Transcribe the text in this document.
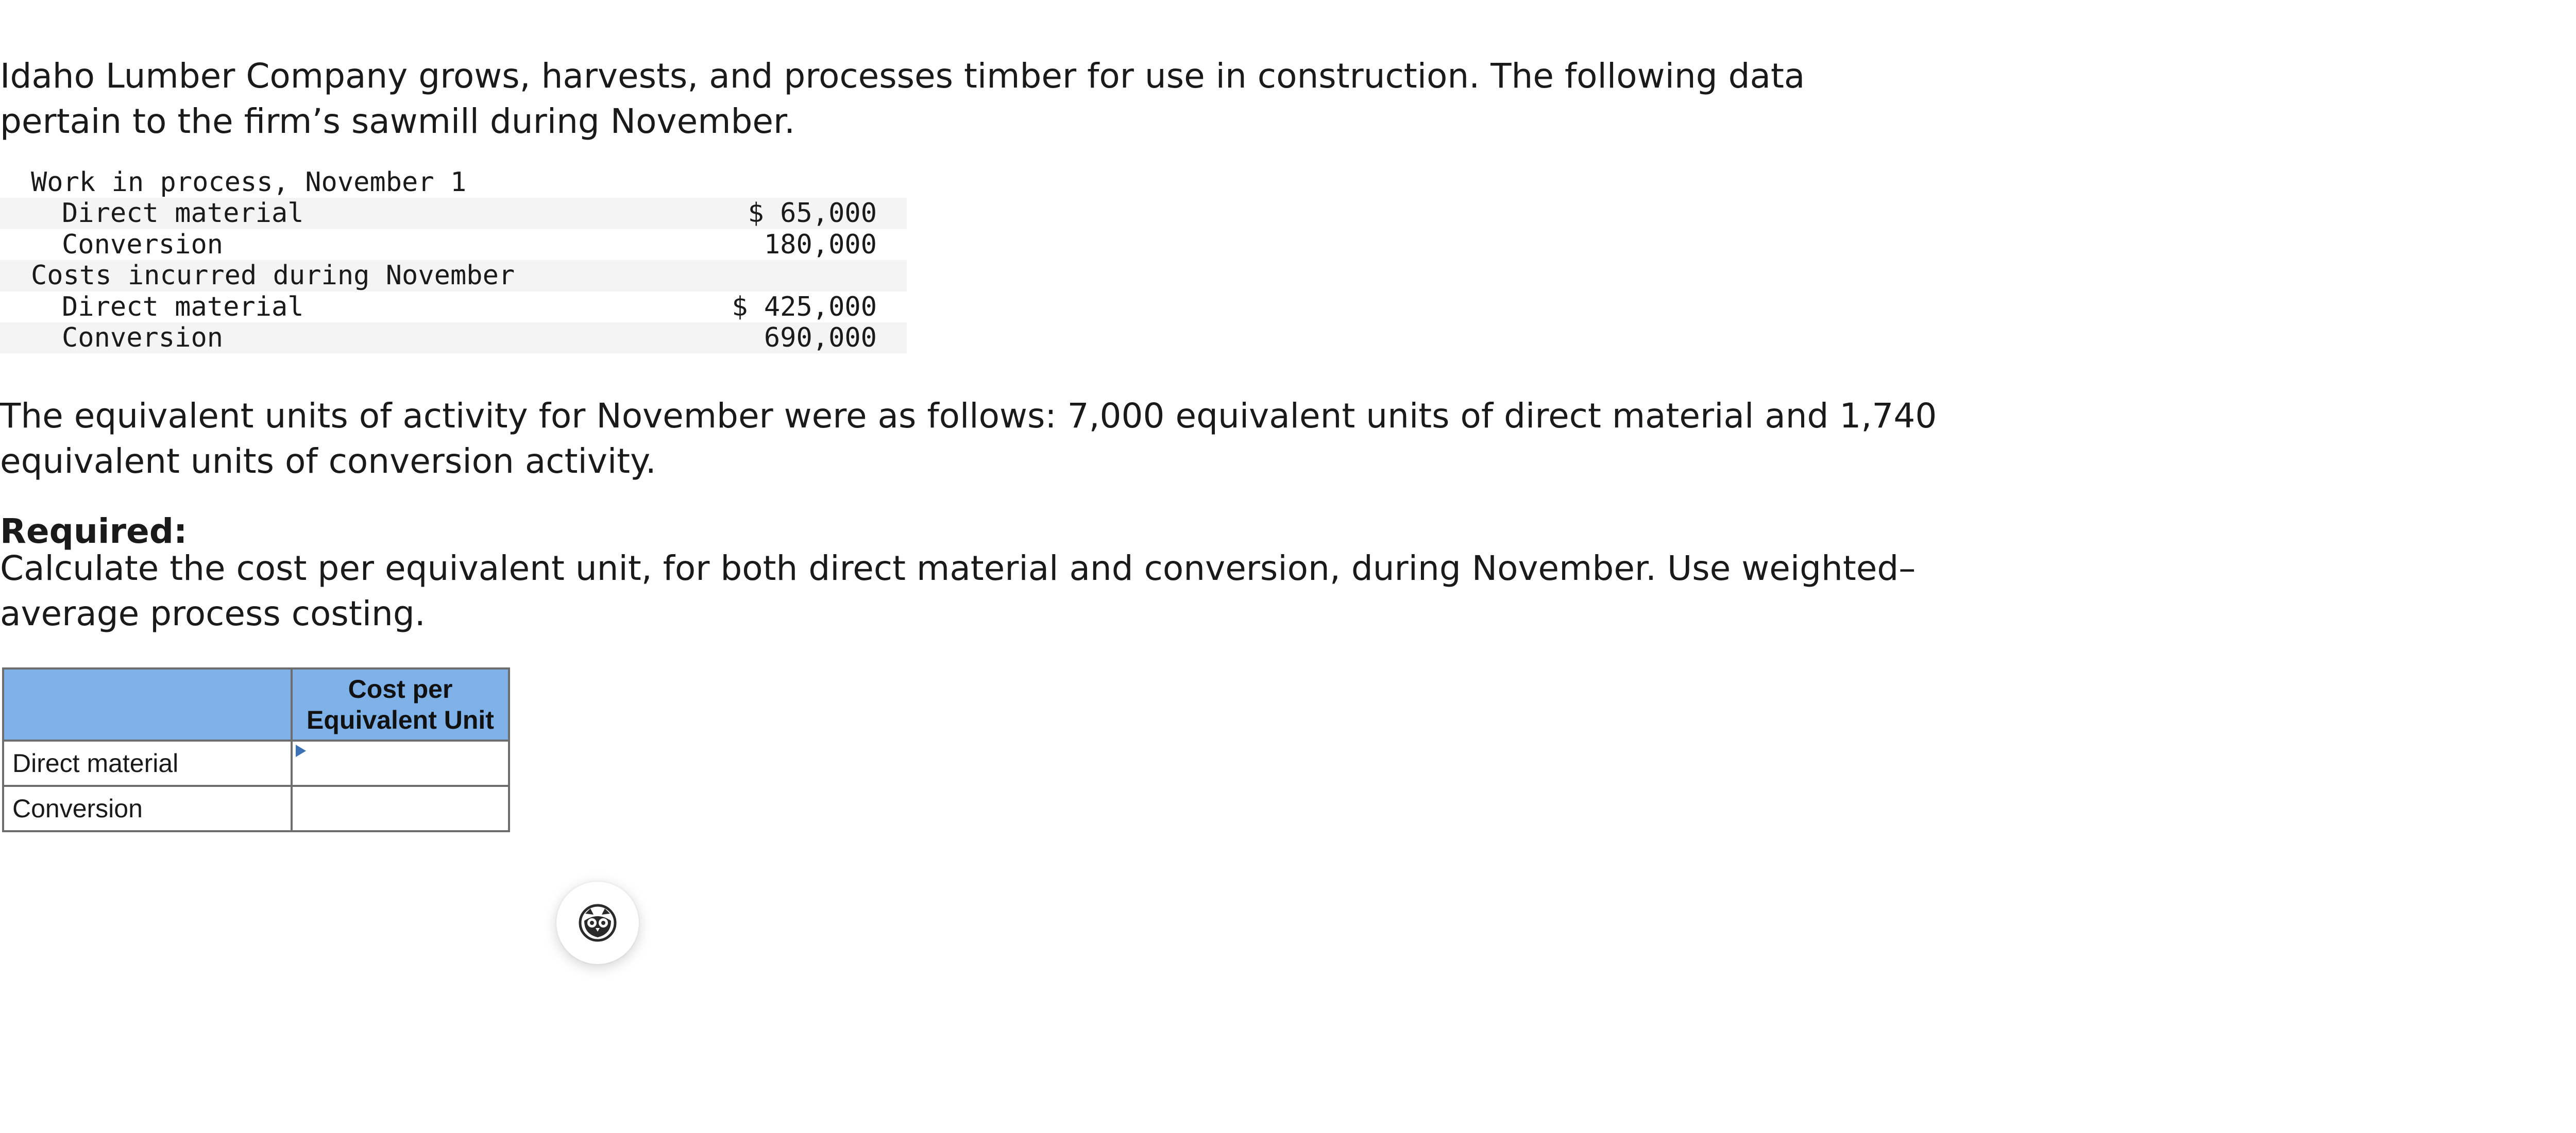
Idaho Lumber Company grows, harvests, and processes timber for use in construction. The following data pertain to the firm’s sawmill during November.

Work in process, November 1
Direct material	$ 65,000
Conversion	180,000
Costs incurred during November
Direct material	$ 425,000
Conversion	690,000

The equivalent units of activity for November were as follows: 7,000 equivalent units of direct material and 1,740 equivalent units of conversion activity.

Required:

Calculate the cost per equivalent unit, for both direct material and conversion, during November. Use weighted–average process costing.

	Cost per Equivalent Unit
Direct material	

Conversion	
